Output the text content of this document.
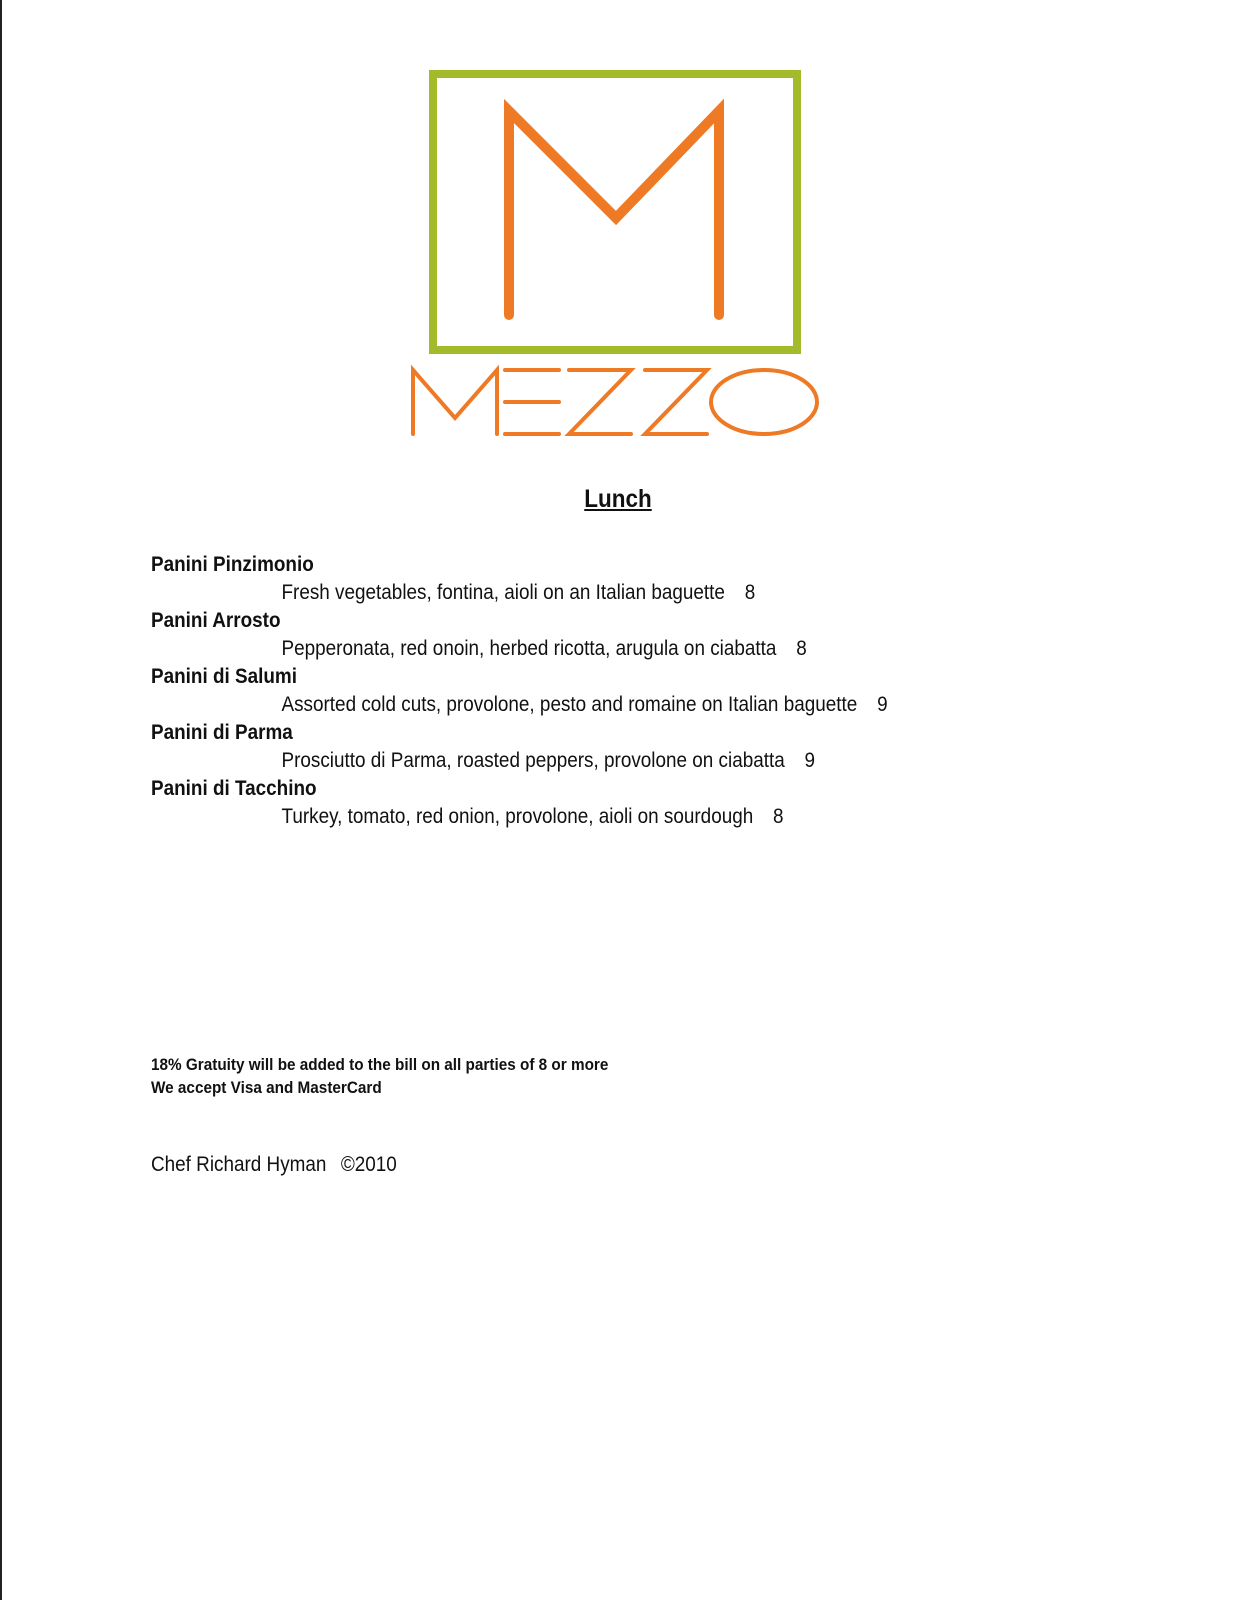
Lunch
Panini Pinzimonio
Fresh vegetables, fontina, aioli on an Italian baguette 8
Panini Arrosto
Pepperonata, red onoin, herbed ricotta, arugula on ciabatta 8
Panini di Salumi
Assorted cold cuts, provolone, pesto and romaine on Italian baguette 9
Panini di Parma
Prosciutto di Parma, roasted peppers, provolone on ciabatta 9
Panini di Tacchino
Turkey, tomato, red onion, provolone, aioli on sourdough 8
18% Gratuity will be added to the bill on all parties of 8 or more
We accept Visa and MasterCard
Chef Richard Hyman ©2010
